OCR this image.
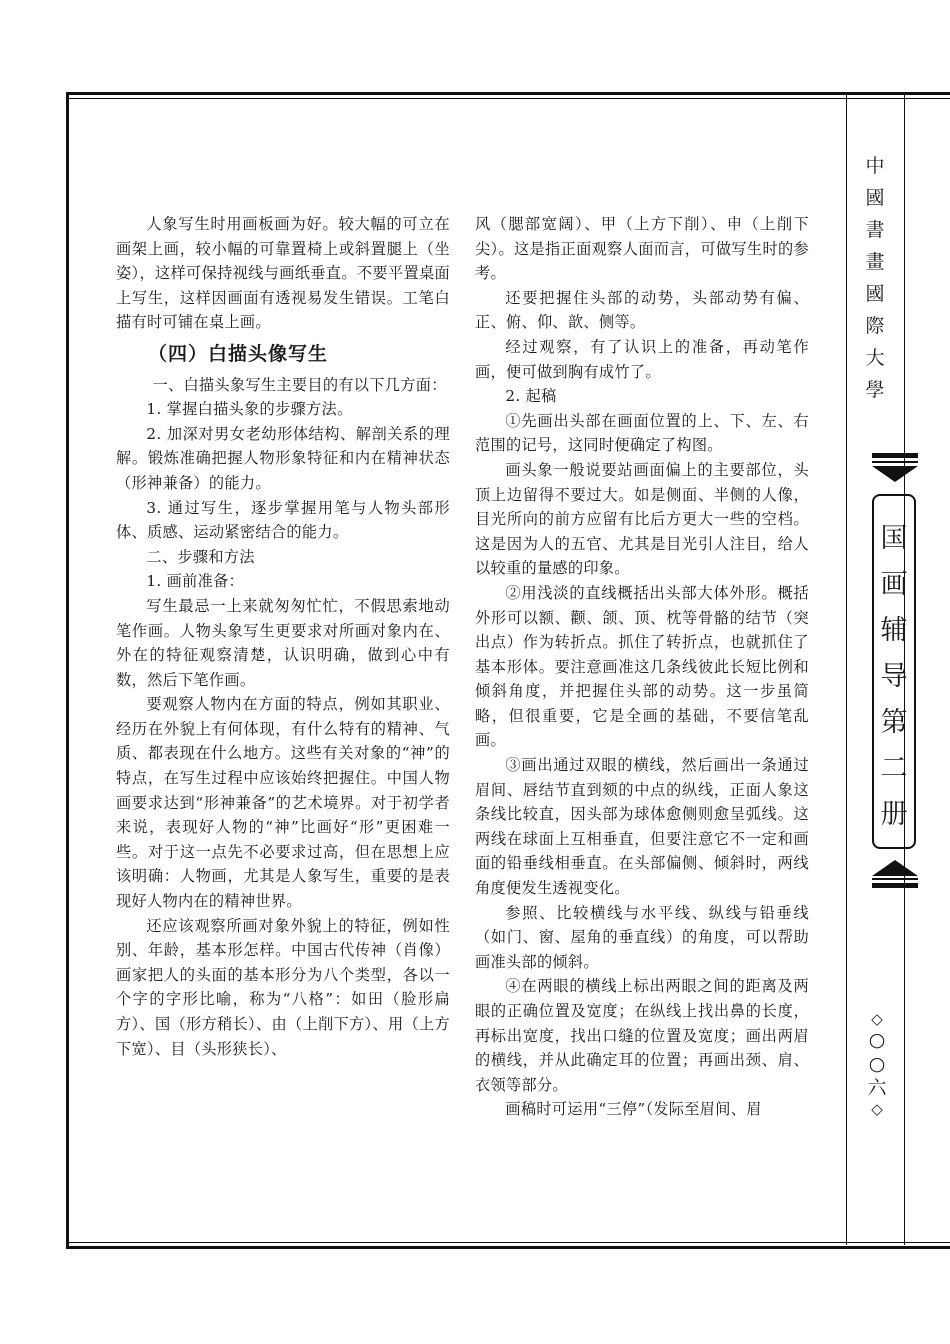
人象写生时用画板画为好。较大幅的可立在画架上画，较小幅的可靠置椅上或斜置腿上（坐姿），这样可保持视线与画纸垂直。不要平置桌面上写生，这样因画面有透视易发生错误。工笔白描有时可铺在桌上画。

（四）白描头像写生

一、白描头象写生主要目的有以下几方面：

1. 掌握白描头象的步骤方法。

2. 加深对男女老幼形体结构、解剖关系的理解。锻炼准确把握人物形象特征和内在精神状态（形神兼备）的能力。

3. 通过写生，逐步掌握用笔与人物头部形体、质感、运动紧密结合的能力。

二、步骤和方法

1. 画前准备：

写生最忌一上来就匆匆忙忙，不假思索地动笔作画。人物头象写生更要求对所画对象内在、外在的特征观察清楚，认识明确，做到心中有数，然后下笔作画。

要观察人物内在方面的特点，例如其职业、经历在外貌上有何体现，有什么特有的精神、气质、都表现在什么地方。这些有关对象的“神”的特点，在写生过程中应该始终把握住。中国人物画要求达到“形神兼备”的艺术境界。对于初学者来说，表现好人物的“神”比画好“形”更困难一些。对于这一点先不必要求过高，但在思想上应该明确：人物画，尤其是人象写生，重要的是表现好人物内在的精神世界。

还应该观察所画对象外貌上的特征，例如性别、年龄，基本形怎样。中国古代传神（肖像）画家把人的头面的基本形分为八个类型，各以一个字的字形比喻，称为“八格”：如田（脸形扁方）、国（形方稍长）、由（上削下方）、用（上方下宽）、目（头形狭长）、

风（腮部宽阔）、甲（上方下削）、申（上削下尖）。这是指正面观察人面而言，可做写生时的参考。

还要把握住头部的动势，头部动势有偏、正、俯、仰、歆、侧等。

经过观察，有了认识上的准备，再动笔作画，便可做到胸有成竹了。

2. 起稿

①先画出头部在画面位置的上、下、左、右范围的记号，这同时便确定了构图。

画头象一般说要站画面偏上的主要部位，头顶上边留得不要过大。如是侧面、半侧的人像，目光所向的前方应留有比后方更大一些的空档。这是因为人的五官、尤其是目光引人注目，给人以较重的量感的印象。

②用浅淡的直线概括出头部大体外形。概括外形可以额、颧、颌、顶、枕等骨骼的结节（突出点）作为转折点。抓住了转折点，也就抓住了基本形体。要注意画准这几条线彼此长短比例和倾斜角度，并把握住头部的动势。这一步虽简略，但很重要，它是全画的基础，不要信笔乱画。

③画出通过双眼的横线，然后画出一条通过眉间、唇结节直到颏的中点的纵线，正面人象这条线比较直，因头部为球体愈侧则愈呈弧线。这两线在球面上互相垂直，但要注意它不一定和画面的铅垂线相垂直。在头部偏侧、倾斜时，两线角度便发生透视变化。

参照、比较横线与水平线、纵线与铅垂线（如门、窗、屋角的垂直线）的角度，可以帮助画准头部的倾斜。

④在两眼的横线上标出两眼之间的距离及两眼的正确位置及宽度；在纵线上找出鼻的长度，再标出宽度，找出口缝的位置及宽度；画出两眉的横线，并从此确定耳的位置；再画出颈、肩、衣领等部分。

画稿时可运用“三停”（发际至眉间、眉

中
國
書
畫
國
際
大
學
国
画
辅
导
第
二
册
◇
○
○
六
◇
